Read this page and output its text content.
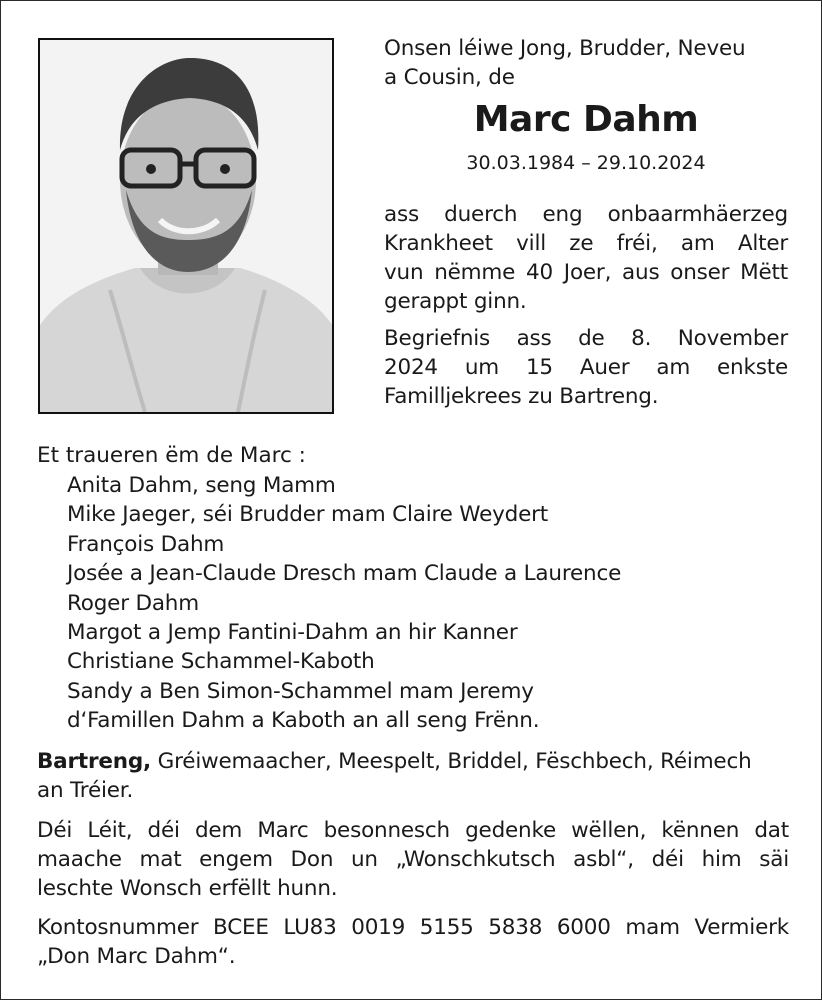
Onsen léiwe Jong, Brudder, Neveu
a Cousin, de
Marc Dahm
30.03.1984 – 29.10.2024
ass duerch eng onbaarmhäerzeg
Krankheet vill ze fréi, am Alter
vun nëmme 40 Joer, aus onser Mëtt
gerappt ginn.
Begriefnis ass de 8. November
2024 um 15 Auer am enkste
Familljekrees zu Bartreng.
Et traueren ëm de Marc :
Anita Dahm, seng Mamm
Mike Jaeger, séi Brudder mam Claire Weydert
François Dahm
Josée a Jean-Claude Dresch mam Claude a Laurence
Roger Dahm
Margot a Jemp Fantini-Dahm an hir Kanner
Christiane Schammel-Kaboth
Sandy a Ben Simon-Schammel mam Jeremy
d‘Famillen Dahm a Kaboth an all seng Frënn.
Bartreng, Gréiwemaacher, Meespelt, Briddel, Fëschbech, Réimech
an Tréier.
Déi Léit, déi dem Marc besonnesch gedenke wëllen, kënnen dat
maache mat engem Don un „Wonschkutsch asbl“, déi him säi
leschte Wonsch erfëllt hunn.
Kontosnummer BCEE LU83 0019 5155 5838 6000 mam Vermierk
„Don Marc Dahm“.
